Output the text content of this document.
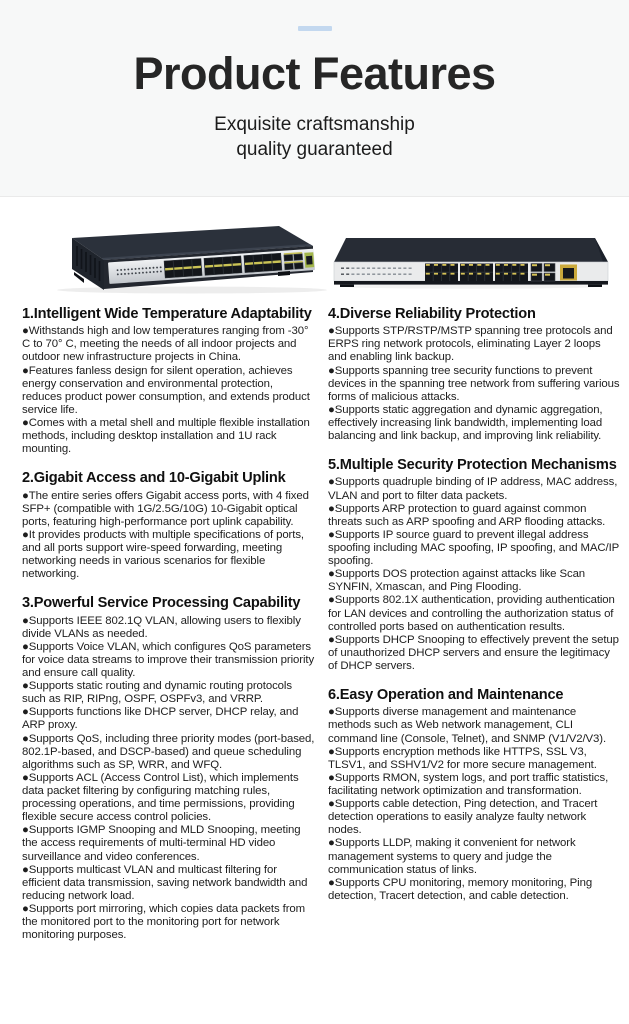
Product Features

Exquisite craftsmanship
quality guaranteed

1.Intelligent Wide Temperature Adaptability

●Withstands high and low temperatures ranging from -30° C to 70° C, meeting the needs of all indoor projects and outdoor new infrastructure projects in China.

●Features fanless design for silent operation, achieves energy conservation and environmental protection, reduces product power consumption, and extends product service life.

●Comes with a metal shell and multiple flexible installation methods, including desktop installation and 1U rack mounting.

2.Gigabit Access and 10-Gigabit Uplink

●The entire series offers Gigabit access ports, with 4 fixed SFP+ (compatible with 1G/2.5G/10G) 10-Gigabit optical ports, featuring high-performance port uplink capability.

●It provides products with multiple specifications of ports, and all ports support wire-speed forwarding, meeting networking needs in various scenarios for flexible networking.

3.Powerful Service Processing Capability

●Supports IEEE 802.1Q VLAN, allowing users to flexibly divide VLANs as needed.

●Supports Voice VLAN, which configures QoS parameters for voice data streams to improve their transmission priority and ensure call quality.

●Supports static routing and dynamic routing protocols such as RIP, RIPng, OSPF, OSPFv3, and VRRP.

●Supports functions like DHCP server, DHCP relay, and ARP proxy.

●Supports QoS, including three priority modes (port-based, 802.1P-based, and DSCP-based) and queue scheduling algorithms such as SP, WRR, and WFQ.

●Supports ACL (Access Control List), which implements data packet filtering by configuring matching rules, processing operations, and time permissions, providing flexible secure access control policies.

●Supports IGMP Snooping and MLD Snooping, meeting the access requirements of multi-terminal HD video surveillance and video conferences.

●Supports multicast VLAN and multicast filtering for efficient data transmission, saving network bandwidth and reducing network load.

●Supports port mirroring, which copies data packets from the monitored port to the monitoring port for network monitoring purposes.

4.Diverse Reliability Protection

●Supports STP/RSTP/MSTP spanning tree protocols and ERPS ring network protocols, eliminating Layer 2 loops and enabling link backup.

●Supports spanning tree security functions to prevent devices in the spanning tree network from suffering various forms of malicious attacks.

●Supports static aggregation and dynamic aggregation, effectively increasing link bandwidth, implementing load balancing and link backup, and improving link reliability.

5.Multiple Security Protection Mechanisms

●Supports quadruple binding of IP address, MAC address, VLAN and port to filter data packets.

●Supports ARP protection to guard against common threats such as ARP spoofing and ARP flooding attacks.

●Supports IP source guard to prevent illegal address spoofing including MAC spoofing, IP spoofing, and MAC/IP spoofing.

●Supports DOS protection against attacks like Scan SYNFIN, Xmascan, and Ping Flooding.

●Supports 802.1X authentication, providing authentication for LAN devices and controlling the authorization status of controlled ports based on authentication results.

●Supports DHCP Snooping to effectively prevent the setup of unauthorized DHCP servers and ensure the legitimacy of DHCP servers.

6.Easy Operation and Maintenance

●Supports diverse management and maintenance methods such as Web network management, CLI command line (Console, Telnet), and SNMP (V1/V2/V3).

●Supports encryption methods like HTTPS, SSL V3, TLSV1, and SSHV1/V2 for more secure management.

●Supports RMON, system logs, and port traffic statistics, facilitating network optimization and transformation.

●Supports cable detection, Ping detection, and Tracert detection operations to easily analyze faulty network nodes.

●Supports LLDP, making it convenient for network management systems to query and judge the communication status of links.

●Supports CPU monitoring, memory monitoring, Ping detection, Tracert detection, and cable detection.
